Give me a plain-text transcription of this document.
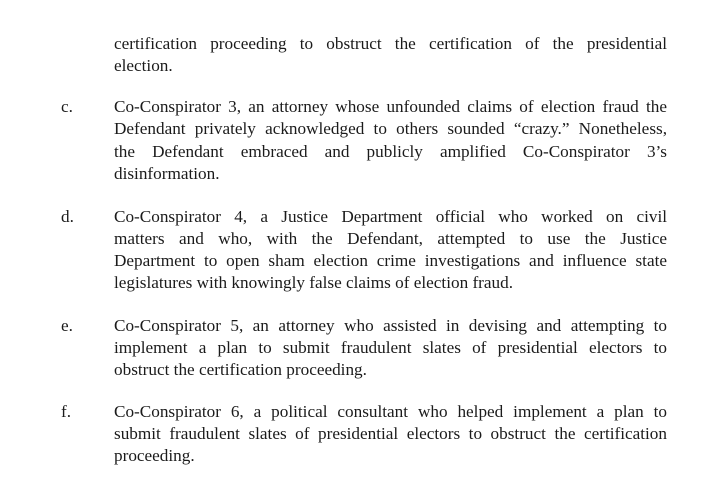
certification proceeding to obstruct the certification of the presidential
election.
c. Co-Conspirator 3, an attorney whose unfounded claims of election fraud the
Defendant privately acknowledged to others sounded “crazy.” Nonetheless,
the Defendant embraced and publicly amplified Co-Conspirator 3’s
disinformation.
d. Co-Conspirator 4, a Justice Department official who worked on civil
matters and who, with the Defendant, attempted to use the Justice
Department to open sham election crime investigations and influence state
legislatures with knowingly false claims of election fraud.
e. Co-Conspirator 5, an attorney who assisted in devising and attempting to
implement a plan to submit fraudulent slates of presidential electors to
obstruct the certification proceeding.
f. Co-Conspirator 6, a political consultant who helped implement a plan to
submit fraudulent slates of presidential electors to obstruct the certification
proceeding.
